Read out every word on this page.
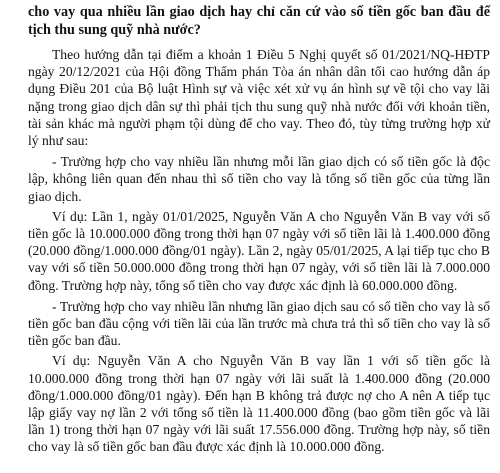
cho vay qua nhiều lần giao dịch hay chỉ căn cứ vào số tiền gốc ban đầu để tịch thu sung quỹ nhà nước?

Theo hướng dẫn tại điểm a khoản 1 Điều 5 Nghị quyết số 01/2021/NQ-HĐTP ngày 20/12/2021 của Hội đồng Thẩm phán Tòa án nhân dân tối cao hướng dẫn áp dụng Điều 201 của Bộ luật Hình sự và việc xét xử vụ án hình sự về tội cho vay lãi nặng trong giao dịch dân sự thì phải tịch thu sung quỹ nhà nước đối với khoản tiền, tài sản khác mà người phạm tội dùng để cho vay. Theo đó, tùy từng trường hợp xử lý như sau:

- Trường hợp cho vay nhiều lần nhưng mỗi lần giao dịch có số tiền gốc là độc lập, không liên quan đến nhau thì số tiền cho vay là tổng số tiền gốc của từng lần giao dịch.

Ví dụ: Lần 1, ngày 01/01/2025, Nguyễn Văn A cho Nguyễn Văn B vay với số tiền gốc là 10.000.000 đồng trong thời hạn 07 ngày với số tiền lãi là 1.400.000 đồng (20.000 đồng/1.000.000 đồng/01 ngày). Lần 2, ngày 05/01/2025, A lại tiếp tục cho B vay với số tiền 50.000.000 đồng trong thời hạn 07 ngày, với số tiền lãi là 7.000.000 đồng. Trường hợp này, tổng số tiền cho vay được xác định là 60.000.000 đồng.

- Trường hợp cho vay nhiều lần nhưng lần giao dịch sau có số tiền cho vay là số tiền gốc ban đầu cộng với tiền lãi của lần trước mà chưa trả thì số tiền cho vay là số tiền gốc ban đầu.

Ví dụ: Nguyễn Văn A cho Nguyễn Văn B vay lần 1 với số tiền gốc là 10.000.000 đồng trong thời hạn 07 ngày với lãi suất là 1.400.000 đồng (20.000 đồng/1.000.000 đồng/01 ngày). Đến hạn B không trả được nợ cho A nên A tiếp tục lập giấy vay nợ lần 2 với tổng số tiền là 11.400.000 đồng (bao gồm tiền gốc và lãi lần 1) trong thời hạn 07 ngày với lãi suất 17.556.000 đồng. Trường hợp này, số tiền cho vay là số tiền gốc ban đầu được xác định là 10.000.000 đồng.
